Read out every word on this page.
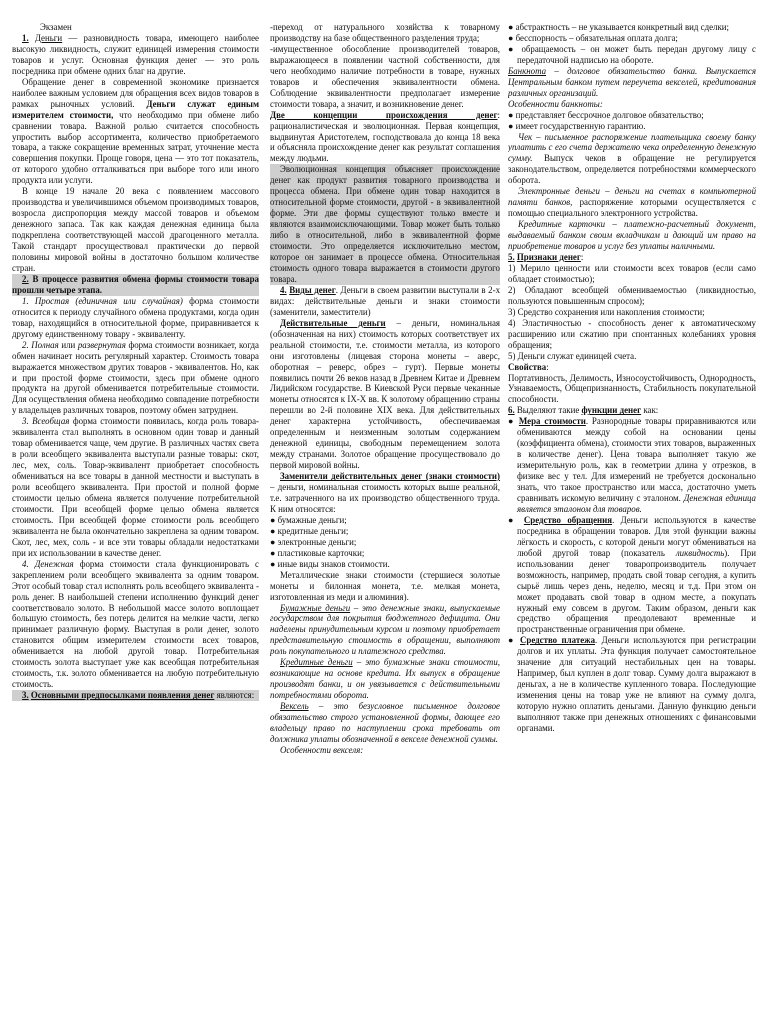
Экзамен

1. Деньги — разновидность товара, имеющего наиболее высокую ликвидность, служит единицей измерения стоимости товаров и услуг. Основная функция денег — это роль посредника при обмене одних благ на другие.

Обращение денег в современной экономике признается наиболее важным условием для обращения всех видов товаров в рамках рыночных условий. Деньги служат единым измерителем стоимости, что необходимо при обмене либо сравнении товара. Важной ролью считается способность упростить выбор ассортимента, количество приобретаемого товара, а также сокращение временных затрат, уточнение места совершения покупки. Проще говоря, цена — это тот показатель, от которого удобно отталкиваться при выборе того или иного продукта или услуги.

В конце 19 начале 20 века с появлением массового производства и увеличившимся объемом производимых товаров, возросла диспропорция между массой товаров и объемом денежного запаса. Так как каждая денежная единица была подкреплена соответствующей массой драгоценного металла. Такой стандарт просуществовал практически до первой половины мировой войны в достаточно большом количестве стран.

2. В процессе развития обмена формы стоимости товара прошли четыре этапа.

1. Простая (единичная или случайная) форма стоимости относится к периоду случайного обмена продуктами, когда один товар, находящийся в относительной форме, приравнивается к другому единственному товару - эквиваленту.

2. Полная или развернутая форма стоимости возникает, когда обмен начинает носить регулярный характер. Стоимость товара выражается множеством других товаров - эквивалентов. Но, как и при простой форме стоимости, здесь при обмене одного продукта на другой обменивается потребительные стоимости. Для осуществления обмена необходимо совпадение потребности у владельцев различных товаров, поэтому обмен затруднен.

3. Всеобщая форма стоимости появилась, когда роль товара-эквивалента стал выполнять в основном один товар и данный товар обменивается чаще, чем другие. В различных частях света в роли всеобщего эквивалента выступали разные товары: скот, лес, мех, соль. Товар-эквивалент приобретает способность обмениваться на все товары в данной местности и выступать в роли всеобщего эквивалента. При простой и полной форме стоимости целью обмена является получение потребительной стоимости. При всеобщей форме целью обмена является стоимость. При всеобщей форме стоимости роль всеобщего эквивалента не была окончательно закреплена за одним товаром. Скот, лес, мех, соль - и все эти товары обладали недостатками при их использовании в качестве денег.

4. Денежная форма стоимости стала функционировать с закреплением роли всеобщего эквивалента за одним товаром. Этот особый товар стал исполнять роль всеобщего эквивалента - роль денег. В наибольшей степени исполнению функций денег соответствовало золото. В небольшой массе золото воплощает большую стоимость, без потерь делится на мелкие части, легко принимает различную форму. Выступая в роли денег, золото становится общим измерителем стоимости всех товаров, обменивается на любой другой товар. Потребительная стоимость золота выступает уже как всеобщая потребительная стоимость, т.к. золото обменивается на любую потребительную стоимость.

3. Основными предпосылками появления денег являются:

-переход от натурального хозяйства к товарному производству на базе общественного разделения труда;

-имущественное обособление производителей товаров, выражающееся в появлении частной собственности, для чего необходимо наличие потребности в товаре, нужных товаров и обеспечения эквивалентности обмена. Соблюдение эквивалентности предполагает измерение стоимости товара, а значит, и возникновение денег.

Две концепции происхождения денег: рационалистическая и эволюционная. Первая концепция, выдвинутая Аристотелем, господствовала до конца 18 века и объясняла происхождение денег как результат соглашения между людьми.

Эволюционная концепция объясняет происхождение денег как продукт развития товарного производства и процесса обмена. При обмене один товар находится в относительной форме стоимости, другой - в эквивалентной форме. Эти две формы существуют только вместе и являются взаимоисключающими. Товар может быть только либо в относительной, либо в эквивалентной форме стоимости. Это определяется исключительно местом, которое он занимает в процессе обмена. Относительная стоимость одного товара выражается в стоимости другого товара.

4. Виды денег. Деньги в своем развитии выступали в 2-х видах: действительные деньги и знаки стоимости (заменители, заместители)

Действительные деньги – деньги, номинальная (обозначенная на них) стоимость которых соответствует их реальной стоимости, т.е. стоимости металла, из которого они изготовлены (лицевая сторона монеты – аверс, оборотная – реверс, обрез – гурт). Первые монеты появились почти 26 веков назад в Древнем Китае и Древнем Лидийском государстве. В Киевской Руси первые чеканные монеты относятся к IX-X вв. К золотому обращению страны перешли во 2-й половине XIX века. Для действительных денег характерна устойчивость, обеспечиваемая определенным и неизменным золотым содержанием денежной единицы, свободным перемещением золота между странами. Золотое обращение просуществовало до первой мировой войны.

Заменители действительных денег (знаки стоимости) – деньги, номинальная стоимость которых выше реальной, т.е. затраченного на их производство общественного труда. К ним относятся:

● бумажные деньги;

● кредитные деньги;

● электронные деньги;

● пластиковые карточки;

● иные виды знаков стоимости.

Металлические знаки стоимости (стершиеся золотые монеты и билонная монета, т.е. мелкая монета, изготовленная из меди и алюминия).

Бумажные деньги – это денежные знаки, выпускаемые государством для покрытия бюджетного дефицита. Они наделены принудительным курсом и поэтому приобретает представительную стоимость в обращении, выполняют роль покупательного и платежного средства.

Кредитные деньги – это бумажные знаки стоимости, возникающие на основе кредита. Их выпуск в обращение производят банки, и он увязывается с действительными потребностями оборота.

Вексель – это безусловное письменное долговое обязательство строго установленной формы, дающее его владельцу право по наступлении срока требовать от должника уплаты обозначенной в векселе денежной суммы.

Особенности векселя:

● абстрактность – не указывается конкретный вид сделки;

● бесспорность – обязательная оплата долга;

● обращаемость – он может быть передан другому лицу с передаточной надписью на обороте.

Банкнота – долговое обязательство банка. Выпускается Центральным банком путем переучета векселей, кредитования различных организаций.

Особенности банкноты:

● представляет бессрочное долговое обязательство;

● имеет государственную гарантию.

Чек – письменное распоряжение плательщика своему банку уплатить с его счета держателю чека определенную денежную сумму. Выпуск чеков в обращение не регулируется законодательством, определяется потребностями коммерческого оборота.

Электронные деньги – деньги на счетах в компьютерной памяти банков, распоряжение которыми осуществляется с помощью специального электронного устройства.

Кредитные карточки – платежно-расчетный документ, выдаваемый банком своим вкладчикам и дающий им право на приобретение товаров и услуг без уплаты наличными.

5. Признаки денег:

1) Мерило ценности или стоимости всех товаров (если само обладает стоимостью);

2) Обладают всеобщей обмениваемостью (ликвидностью, пользуются повышенным спросом);

3) Средство сохранения или накопления стоимости;

4) Эластичностью - способность денег к автоматическому расширению или сжатию при спонтанных колебаниях уровня обращения;

5) Деньги служат единицей счета.

Свойства:

Портативность, Делимость, Износоустойчивость, Однородность, Узнаваемость, Общепризнанность, Стабильность покупательной способности.

6. Выделяют такие функции денег как:

● Мера стоимости. Разнородные товары приравниваются или обмениваются между собой на основании цены (коэффициента обмена), стоимости этих товаров, выраженных в количестве денег). Цена товара выполняет такую же измерительную роль, как в геометрии длина у отрезков, в физике вес у тел. Для измерений не требуется досконально знать, что такое пространство или масса, достаточно уметь сравнивать искомую величину с эталоном. Денежная единица является эталоном для товаров.

● Средство обращения. Деньги используются в качестве посредника в обращении товаров. Для этой функции важны лёгкость и скорость, с которой деньги могут обмениваться на любой другой товар (показатель ликвидность). При использовании денег товаропроизводитель получает возможность, например, продать свой товар сегодня, а купить сырьё лишь через день, неделю, месяц и т.д. При этом он может продавать свой товар в одном месте, а покупать нужный ему совсем в другом. Таким образом, деньги как средство обращения преодолевают временные и пространственные ограничения при обмене.

● Средство платежа. Деньги используются при регистрации долгов и их уплаты. Эта функция получает самостоятельное значение для ситуаций нестабильных цен на товары. Например, был куплен в долг товар. Сумму долга выражают в деньгах, а не в количестве купленного товара. Последующие изменения цены на товар уже не влияют на сумму долга, которую нужно оплатить деньгами. Данную функцию деньги выполняют также при денежных отношениях с финансовыми органами.
